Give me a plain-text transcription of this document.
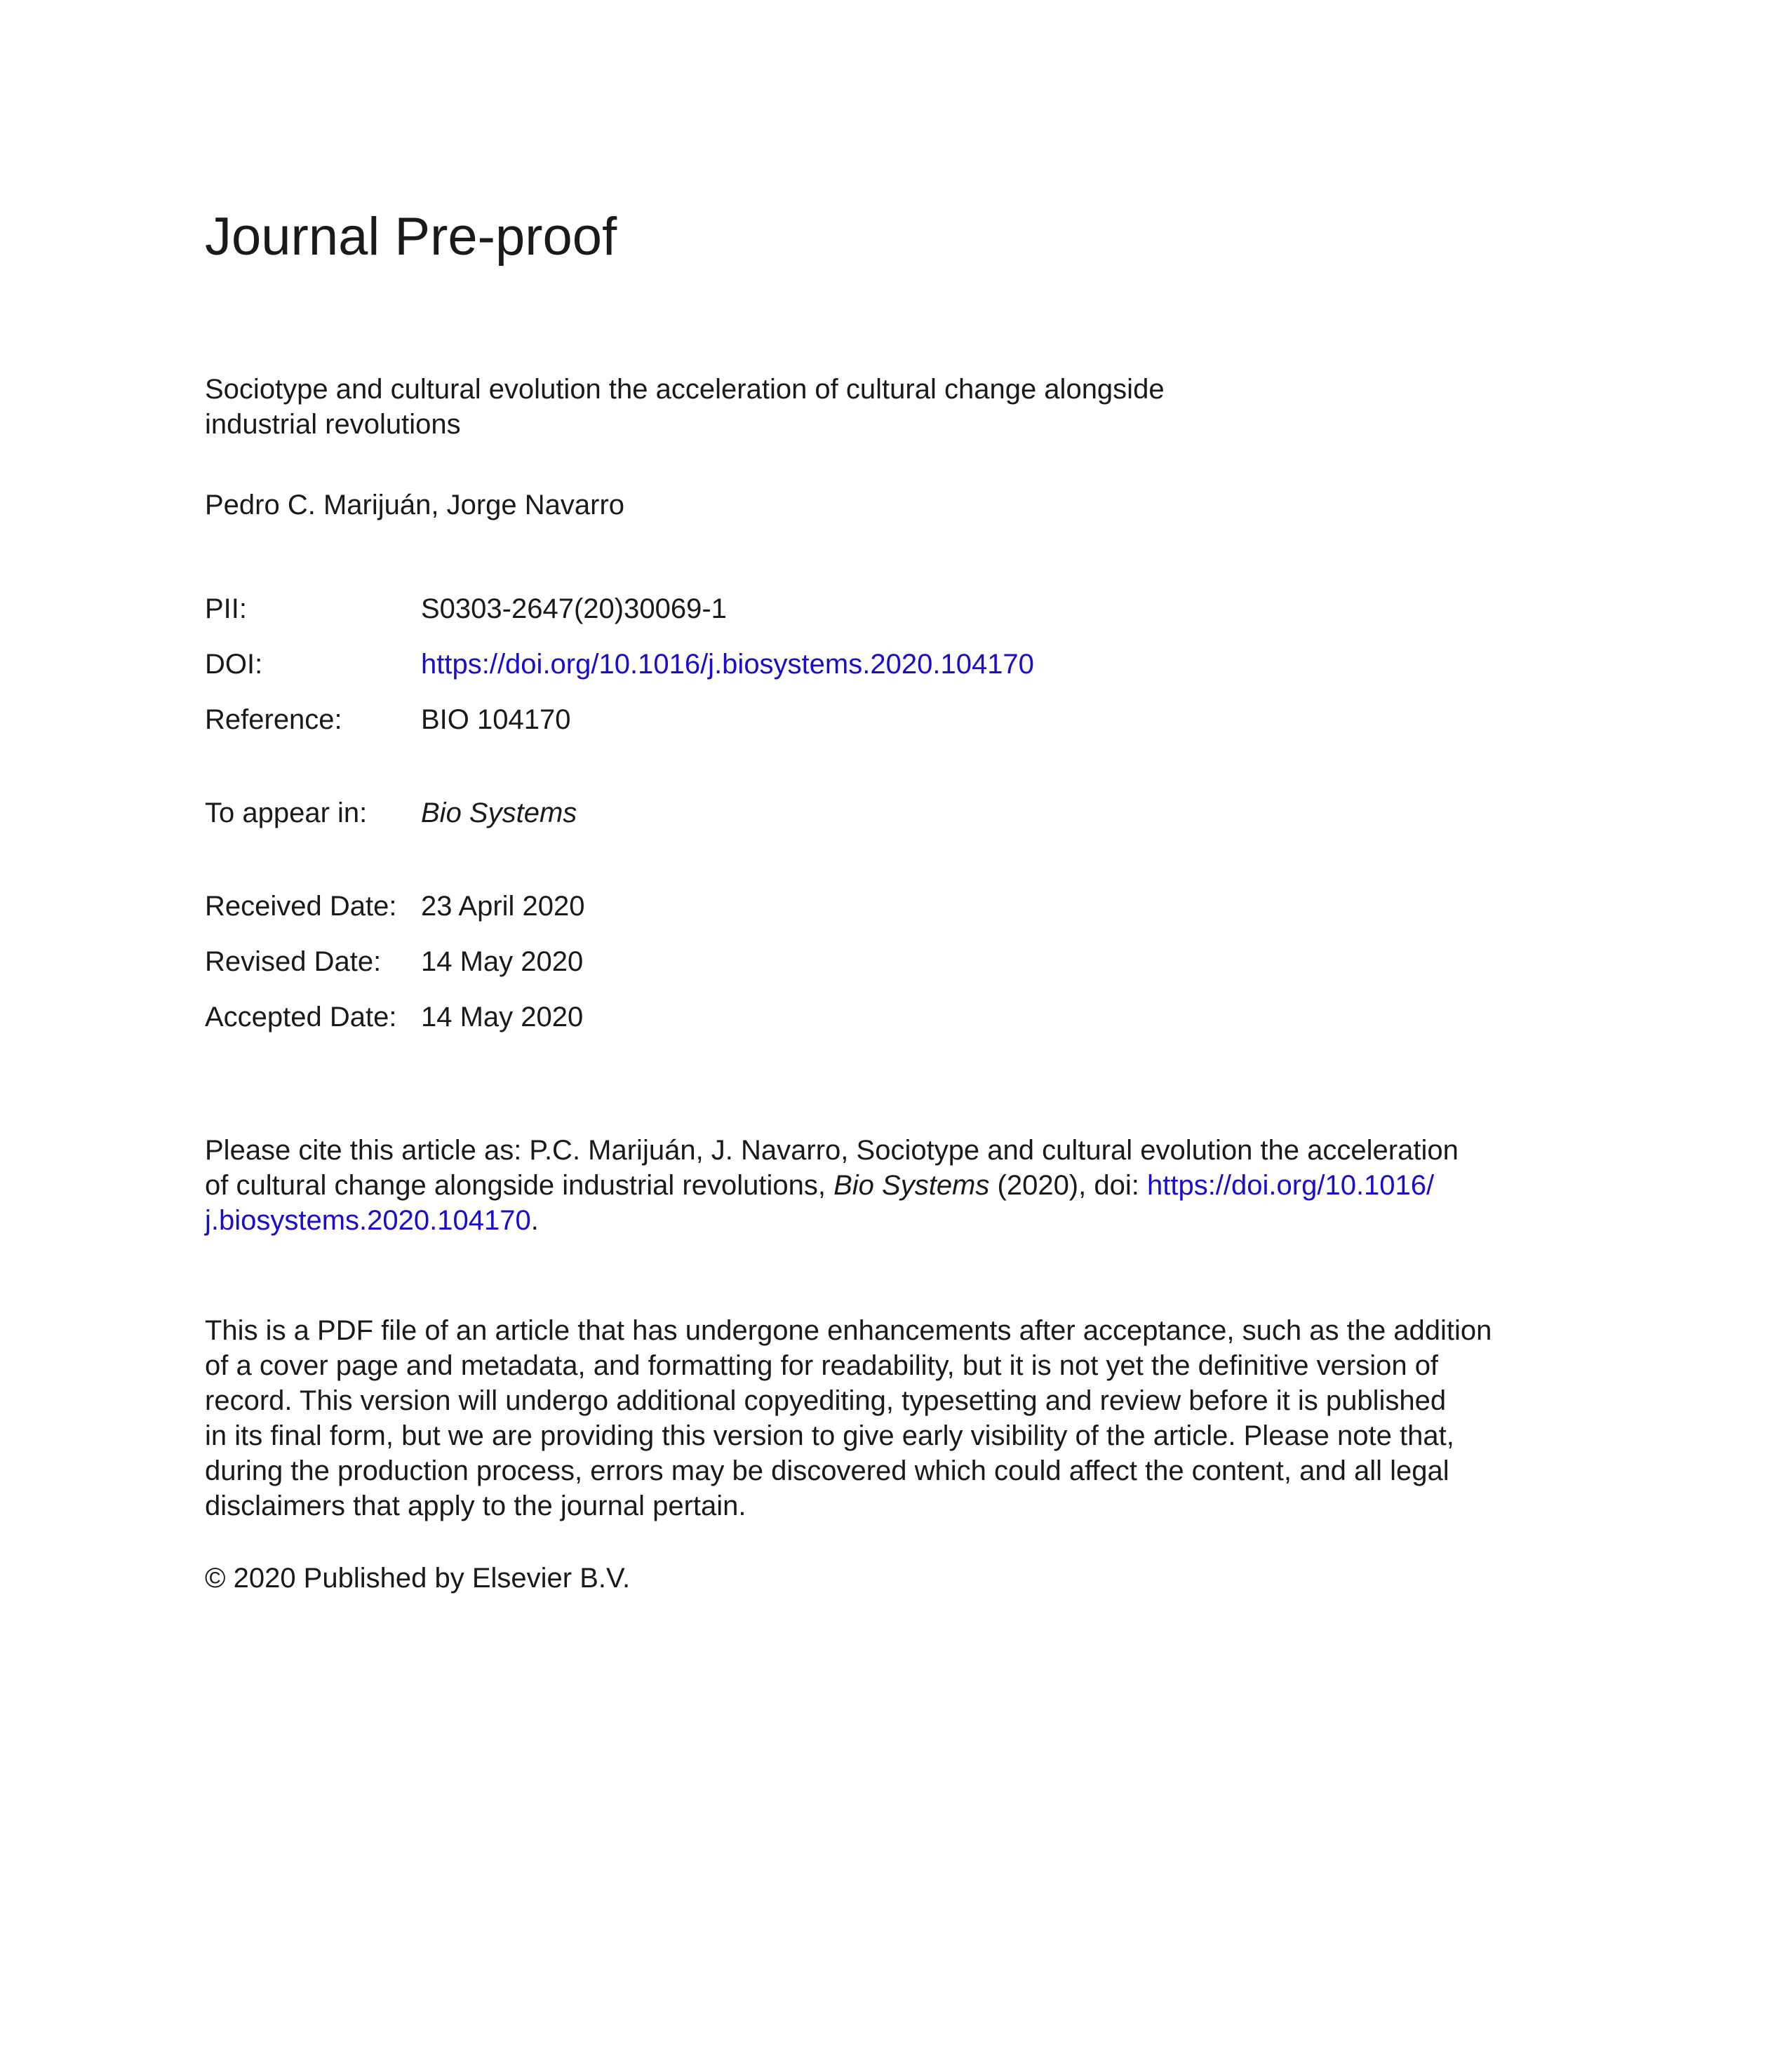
Journal Pre-proof
Sociotype and cultural evolution the acceleration of cultural change alongside
industrial revolutions

Pedro C. Marijuán, Jorge Navarro

PII:	S0303-2647(20)30069-1
DOI:	https://doi.org/10.1016/j.biosystems.2020.104170
Reference:	BIO 104170
To appear in: Bio Systems
Received Date: 23 April 2020
Revised Date: 14 May 2020
Accepted Date: 14 May 2020

Please cite this article as: P.C. Marijuán, J. Navarro, Sociotype and cultural evolution the acceleration
of cultural change alongside industrial revolutions, Bio Systems (2020), doi: https://doi.org/10.1016/
j.biosystems.2020.104170.

This is a PDF file of an article that has undergone enhancements after acceptance, such as the addition
of a cover page and metadata, and formatting for readability, but it is not yet the definitive version of
record. This version will undergo additional copyediting, typesetting and review before it is published
in its final form, but we are providing this version to give early visibility of the article. Please note that,
during the production process, errors may be discovered which could affect the content, and all legal
disclaimers that apply to the journal pertain.

© 2020 Published by Elsevier B.V.
